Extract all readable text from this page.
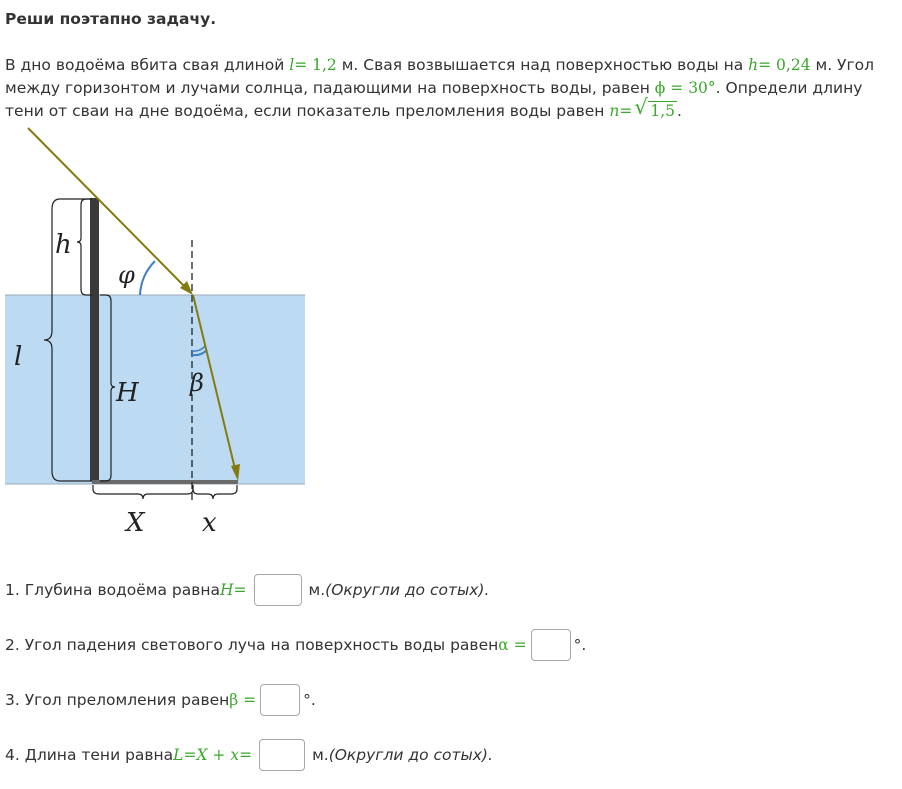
Реши поэтапно задачу.
В дно водоёма вбита свая длиной l= 1,2 м. Свая возвышается над поверхностью воды на h= 0,24 м. Угол между горизонтом и лучами солнца, падающими на поверхность воды, равен ϕ = 30°. Определи длину тени от сваи на дне водоёма, если показатель преломления воды равен n= √ 1,5 .
h
φ
l
H β
X x
1. Глубина водоёма равна H=	м. (Округли до сотых).
2. Угол падения светового луча на поверхность воды равен α =	°.
3. Угол преломления равен β =	°.
4. Длина тени равна L=X + x=	м. (Округли до сотых).
